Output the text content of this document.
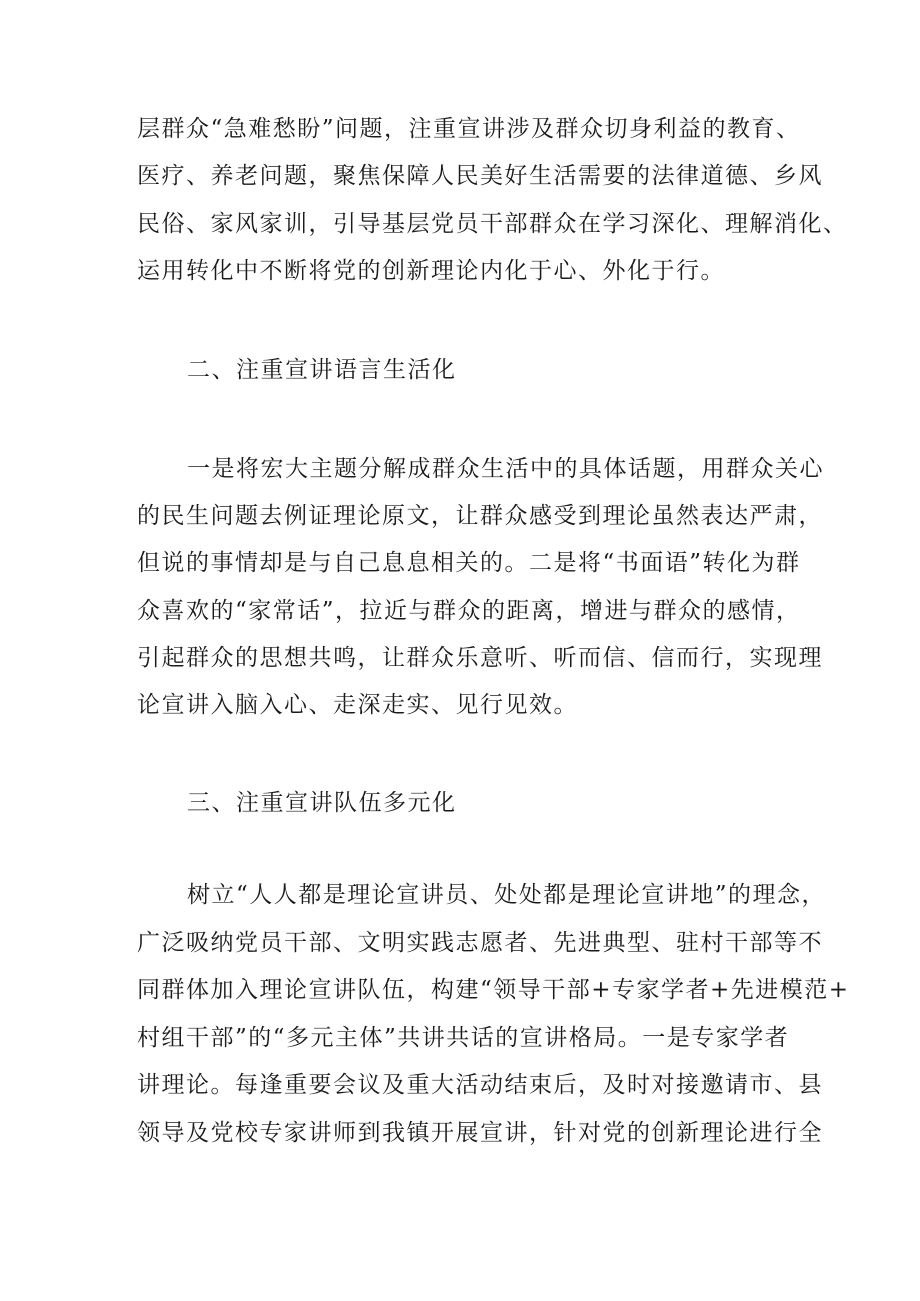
层群众“急难愁盼”问题，注重宣讲涉及群众切身利益的教育、

医疗、养老问题，聚焦保障人民美好生活需要的法律道德、乡风

民俗、家风家训，引导基层党员干部群众在学习深化、理解消化、

运用转化中不断将党的创新理论内化于心、外化于行。

二、注重宣讲语言生活化

一是将宏大主题分解成群众生活中的具体话题，用群众关心

的民生问题去例证理论原文，让群众感受到理论虽然表达严肃，

但说的事情却是与自己息息相关的。二是将“书面语”转化为群

众喜欢的“家常话”，拉近与群众的距离，增进与群众的感情，

引起群众的思想共鸣，让群众乐意听、听而信、信而行，实现理

论宣讲入脑入心、走深走实、见行见效。

三、注重宣讲队伍多元化

树立“人人都是理论宣讲员、处处都是理论宣讲地”的理念，

广泛吸纳党员干部、文明实践志愿者、先进典型、驻村干部等不

同群体加入理论宣讲队伍，构建“领导干部+专家学者+先进模范+

村组干部”的“多元主体”共讲共话的宣讲格局。一是专家学者

讲理论。每逢重要会议及重大活动结束后，及时对接邀请市、县

领导及党校专家讲师到我镇开展宣讲，针对党的创新理论进行全
